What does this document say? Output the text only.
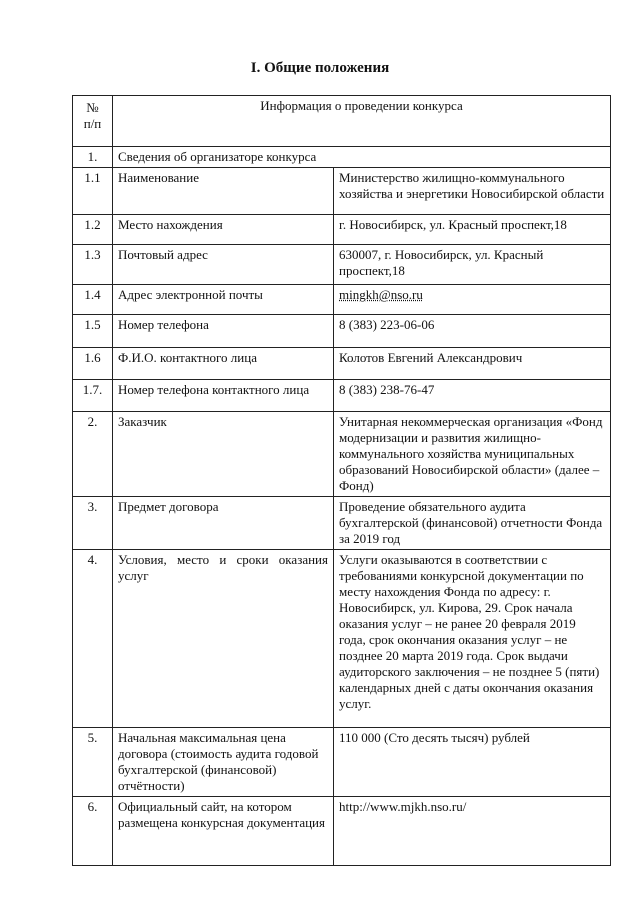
I. Общие положения
№
п/п	Информация о проведении конкурса	
1.	Сведения об организаторе конкурса	
1.1	Наименование	Министерство жилищно-коммунального хозяйства и энергетики Новосибирской области
1.2	Место нахождения	г. Новосибирск, ул. Красный проспект,18
1.3	Почтовый адрес	630007, г. Новосибирск, ул. Красный проспект,18
1.4	Адрес электронной почты	mingkh@nso.ru
1.5	Номер телефона	8 (383) 223-06-06
1.6	Ф.И.О. контактного лица	Колотов Евгений Александрович
1.7.	Номер телефона контактного лица	8 (383) 238-76-47
2.	Заказчик	Унитарная некоммерческая организация «Фонд модернизации и развития жилищно-коммунального хозяйства муниципальных образований Новосибирской области» (далее – Фонд)
3.	Предмет договора	Проведение обязательного аудита бухгалтерской (финансовой) отчетности Фонда за 2019 год
4.	Условия, место и сроки оказания услуг	Услуги оказываются в соответствии с требованиями конкурсной документации по месту нахождения Фонда по адресу: г. Новосибирск, ул. Кирова, 29. Срок начала оказания услуг – не ранее 20 февраля 2019 года, срок окончания оказания услуг – не позднее 20 марта 2019 года. Срок выдачи аудиторского заключения – не позднее 5 (пяти) календарных дней с даты окончания оказания услуг.
5.	Начальная максимальная цена договора (стоимость аудита годовой бухгалтерской (финансовой) отчётности)	110 000 (Сто десять тысяч) рублей
6.	Официальный сайт, на котором размещена конкурсная документация	http://www.mjkh.nso.ru/
